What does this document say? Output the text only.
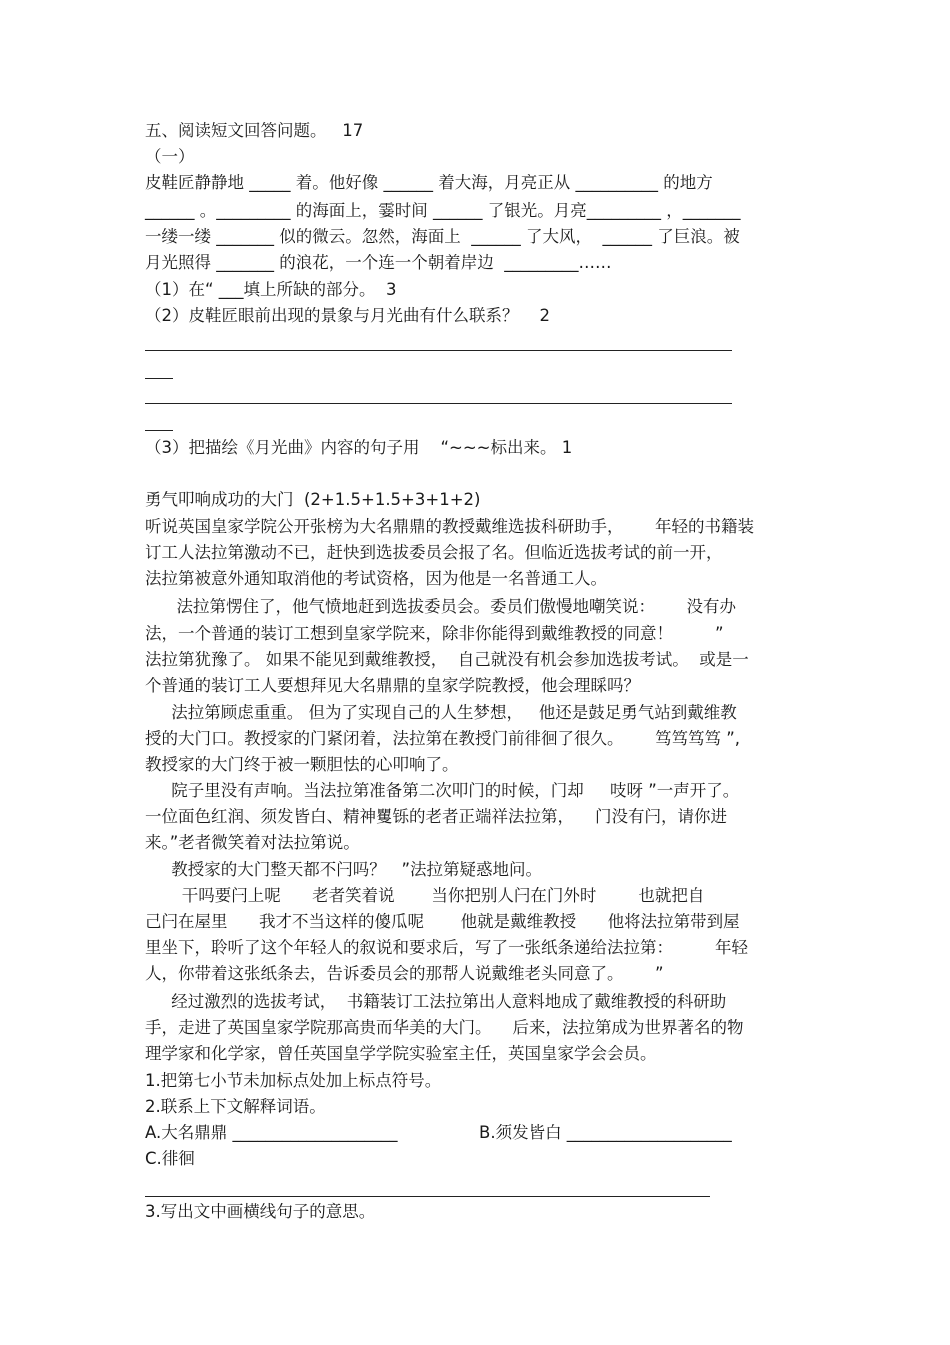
五、阅读短文回答问题。   17
（一）
皮鞋匠静静地 _____ 着。他好像 ______ 着大海，月亮正从 __________ 的地方
______ 。_________ 的海面上，霎时间 ______ 了银光。月亮_________ ，_______
一缕一缕 _______ 似的微云。忽然，海面上  ______ 了大风，  ______ 了巨浪。被
月光照得 _______ 的浪花，一个连一个朝着岸边  _________……
（1）在“ ___填上所缺的部分。  3
（2）皮鞋匠眼前出现的景象与月光曲有什么联系？    2
（3）把描绘《月光曲》内容的句子用    “~~~标出来。 1
勇气叩响成功的大门  (2+1.5+1.5+3+1+2)
听说英国皇家学院公开张榜为大名鼎鼎的教授戴维选拔科研助手，      年轻的书籍装
订工人法拉第激动不已，赶快到选拔委员会报了名。但临近选拔考试的前一开，
法拉第被意外通知取消他的考试资格，因为他是一名普通工人。
法拉第愣住了，他气愤地赶到选拔委员会。委员们傲慢地嘲笑说：      没有办
法，一个普通的装订工想到皇家学院来，除非你能得到戴维教授的同意！        ”
法拉第犹豫了。 如果不能见到戴维教授，  自己就没有机会参加选拔考试。  或是一
个普通的装订工人要想拜见大名鼎鼎的皇家学院教授，他会理睬吗？
法拉第顾虑重重。 但为了实现自己的人生梦想，   他还是鼓足勇气站到戴维教
授的大门口。教授家的门紧闭着，法拉第在教授门前徘徊了很久。      笃笃笃笃 ”,
教授家的大门终于被一颗胆怯的心叩响了。
院子里没有声响。当法拉第准备第二次叩门的时候，门却     吱呀 ”一声开了。
一位面色红润、须发皆白、精神矍铄的老者正端祥法拉第，    门没有闩，请你进
来。”老者微笑着对法拉第说。
教授家的大门整天都不闩吗？   ”法拉第疑惑地问。
干吗要闩上呢      老者笑着说       当你把别人闩在门外时        也就把自
己闩在屋里      我才不当这样的傻瓜呢       他就是戴维教授      他将法拉第带到屋
里坐下，聆听了这个年轻人的叙说和要求后，写了一张纸条递给法拉第：        年轻
人，你带着这张纸条去，告诉委员会的那帮人说戴维老头同意了。      ”
经过激烈的选拔考试，  书籍装订工法拉第出人意料地成了戴维教授的科研助
手，走进了英国皇家学院那高贵而华美的大门。    后来，法拉第成为世界著名的物
理学家和化学家，曾任英国皇学学院实验室主任，英国皇家学会会员。
1.把第七小节未加标点处加上标点符号。
2.联系上下文解释词语。
A.大名鼎鼎 ____________________	B.须发皆白 ____________________
C.徘徊
3.写出文中画横线句子的意思。
